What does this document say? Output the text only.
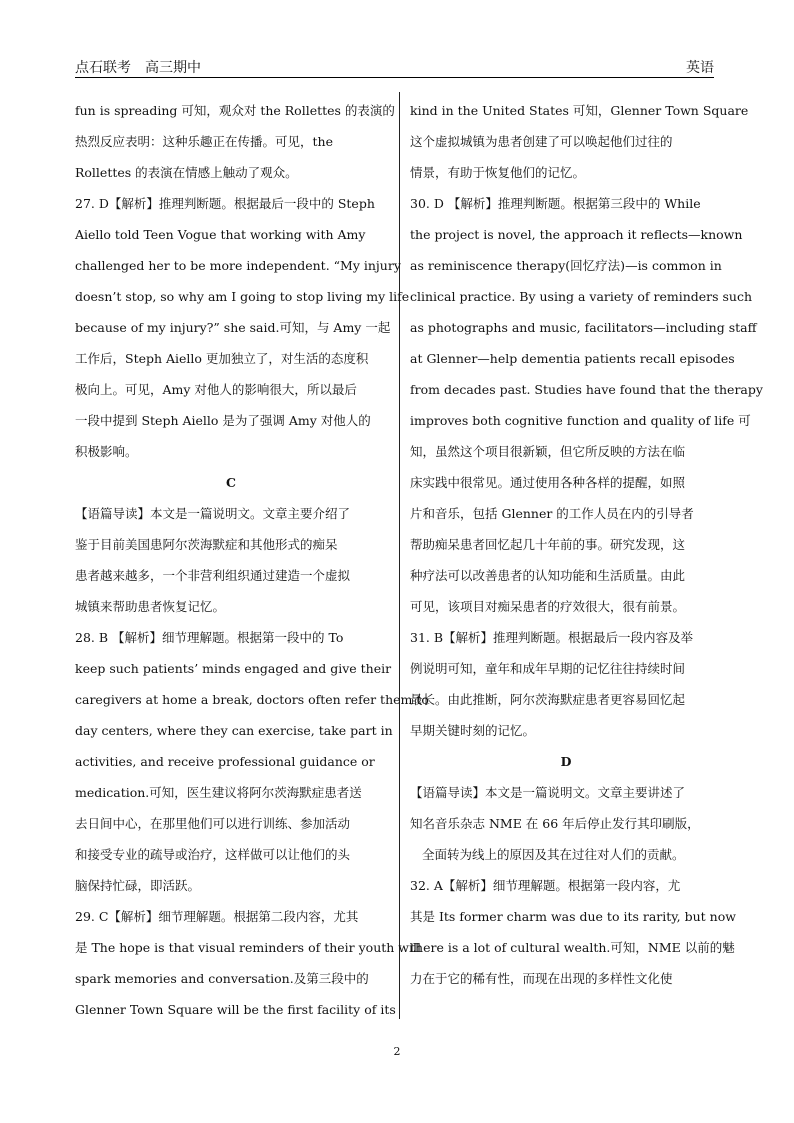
点石联考　高三期中	英语
fun is spreading 可知，观众对 the Rollettes 的表演的
热烈反应表明：这种乐趣正在传播。可见，the
Rollettes 的表演在情感上触动了观众。
27. D【解析】推理判断题。根据最后一段中的 Steph
Aiello told Teen Vogue that working with Amy
challenged her to be more independent. “My injury
doesn’t stop, so why am I going to stop living my life
because of my injury?” she said.可知，与 Amy 一起
工作后，Steph Aiello 更加独立了，对生活的态度积
极向上。可见，Amy 对他人的影响很大，所以最后
一段中提到 Steph Aiello 是为了强调 Amy 对他人的
积极影响。
C
【语篇导读】本文是一篇说明文。文章主要介绍了
鉴于目前美国患阿尔茨海默症和其他形式的痴呆
患者越来越多，一个非营利组织通过建造一个虚拟
城镇来帮助患者恢复记忆。
28. B 【解析】细节理解题。根据第一段中的 To
keep such patients’ minds engaged and give their
caregivers at home a break, doctors often refer them to
day centers, where they can exercise, take part in
activities, and receive professional guidance or
medication.可知，医生建议将阿尔茨海默症患者送
去日间中心，在那里他们可以进行训练、参加活动
和接受专业的疏导或治疗，这样做可以让他们的头
脑保持忙碌，即活跃。
29. C【解析】细节理解题。根据第二段内容，尤其
是 The hope is that visual reminders of their youth will
spark memories and conversation.及第三段中的
Glenner Town Square will be the first facility of its
kind in the United States 可知，Glenner Town Square
这个虚拟城镇为患者创建了可以唤起他们过往的
情景，有助于恢复他们的记忆。
30. D 【解析】推理判断题。根据第三段中的 While
the project is novel, the approach it reflects—known
as reminiscence therapy(回忆疗法)—is common in
clinical practice. By using a variety of reminders such
as photographs and music, facilitators—including staff
at Glenner—help dementia patients recall episodes
from decades past. Studies have found that the therapy
improves both cognitive function and quality of life 可
知，虽然这个项目很新颖，但它所反映的方法在临
床实践中很常见。通过使用各种各样的提醒，如照
片和音乐，包括 Glenner 的工作人员在内的引导者
帮助痴呆患者回忆起几十年前的事。研究发现，这
种疗法可以改善患者的认知功能和生活质量。由此
可见，该项目对痴呆患者的疗效很大，很有前景。
31. B【解析】推理判断题。根据最后一段内容及举
例说明可知，童年和成年早期的记忆往往持续时间
最长。由此推断，阿尔茨海默症患者更容易回忆起
早期关键时刻的记忆。
D
【语篇导读】本文是一篇说明文。文章主要讲述了
知名音乐杂志 NME 在 66 年后停止发行其印刷版，
全面转为线上的原因及其在过往对人们的贡献。
32. A【解析】细节理解题。根据第一段内容，尤
其是 Its former charm was due to its rarity, but now
there is a lot of cultural wealth.可知，NME 以前的魅
力在于它的稀有性，而现在出现的多样性文化使
2
